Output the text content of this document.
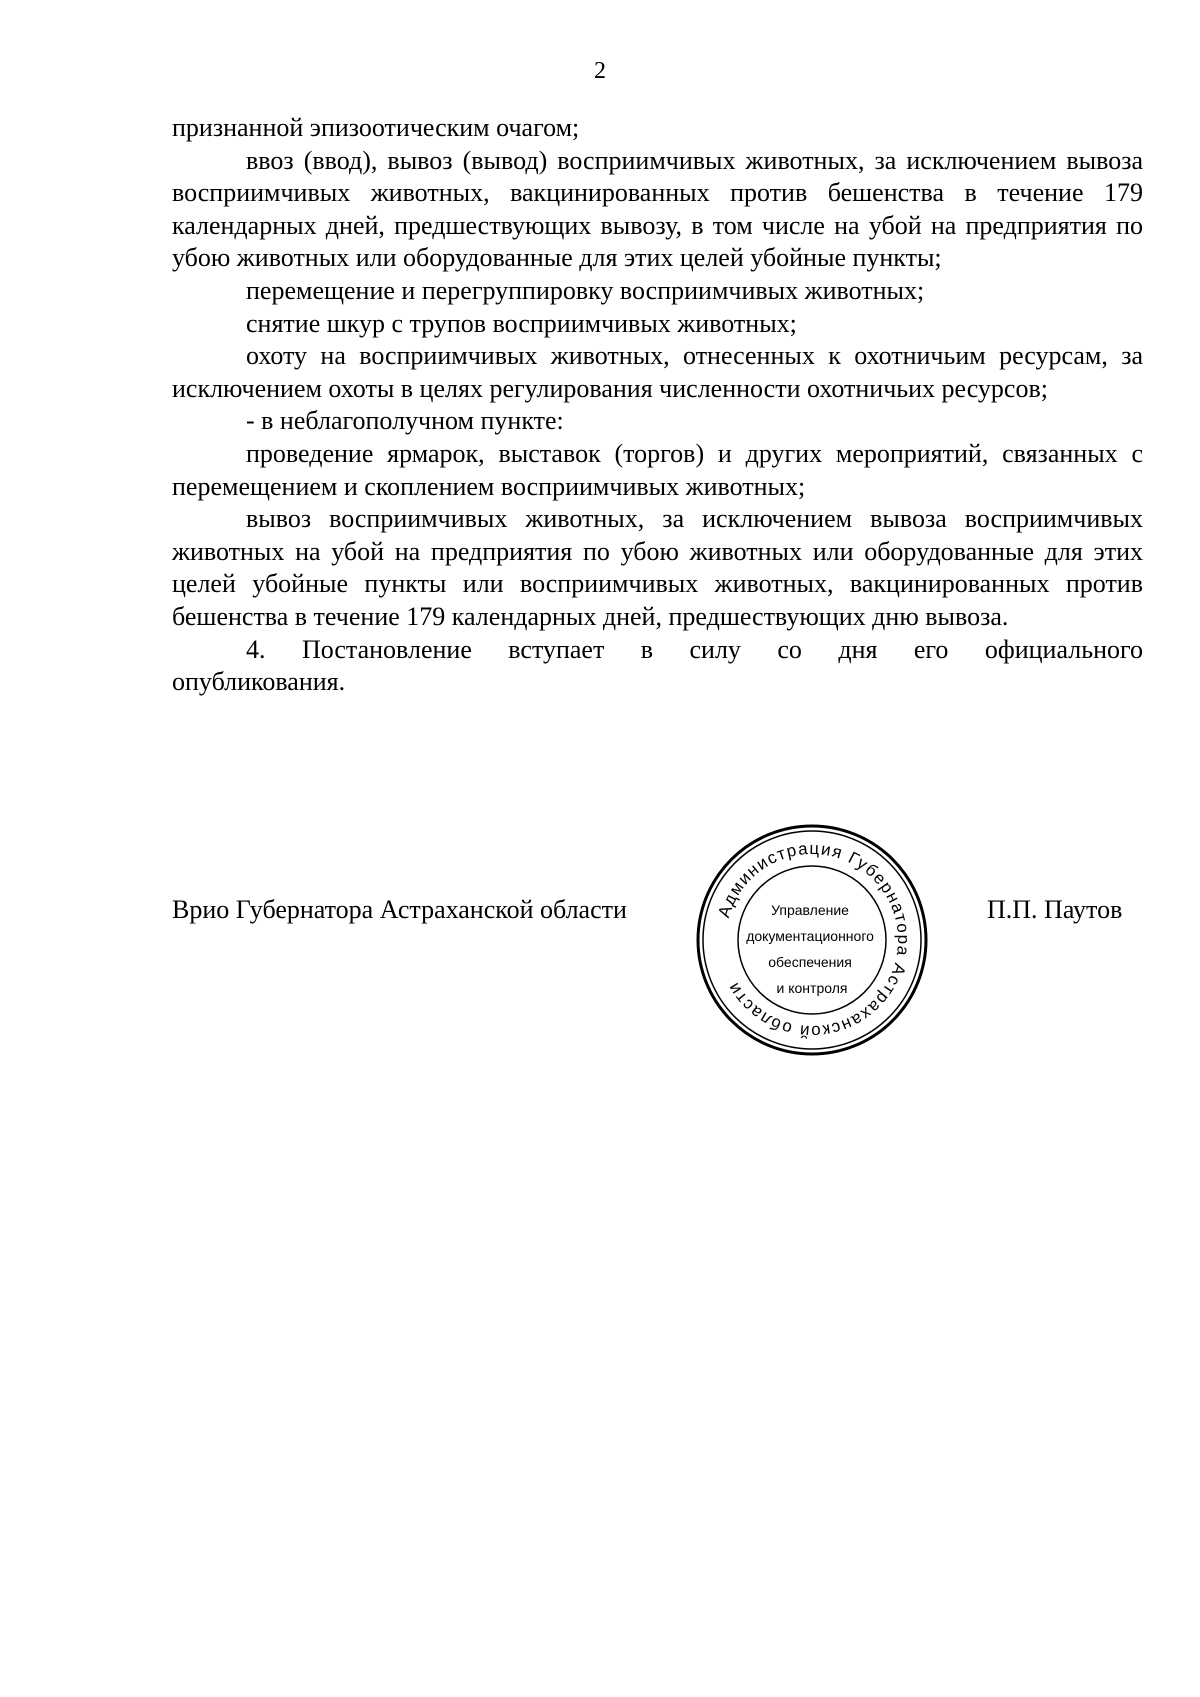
2

признанной эпизоотическим очагом;

ввоз (ввод), вывоз (вывод) восприимчивых животных, за исключением вывоза восприимчивых животных, вакцинированных против бешенства в течение 179 календарных дней, предшествующих вывозу, в том числе на убой на предприятия по убою животных или оборудованные для этих целей убойные пункты;

перемещение и перегруппировку восприимчивых животных;

снятие шкур с трупов восприимчивых животных;

охоту на восприимчивых животных, отнесенных к охотничьим ресурсам, за исключением охоты в целях регулирования численности охотничьих ресурсов;

- в неблагополучном пункте:

проведение ярмарок, выставок (торгов) и других мероприятий, связанных с перемещением и скоплением восприимчивых животных;

вывоз восприимчивых животных, за исключением вывоза восприимчивых животных на убой на предприятия по убою животных или оборудованные для этих целей убойные пункты или восприимчивых животных, вакцинированных против бешенства в течение 179 календарных дней, предшествующих дню вывоза.

4. Постановление вступает в силу со дня его официального

опубликования.

Врио Губернатора Астраханской области	П.П. Паутов
Администрация Губернатора Астраханской области
Управление документационного обеспечения и контроля
